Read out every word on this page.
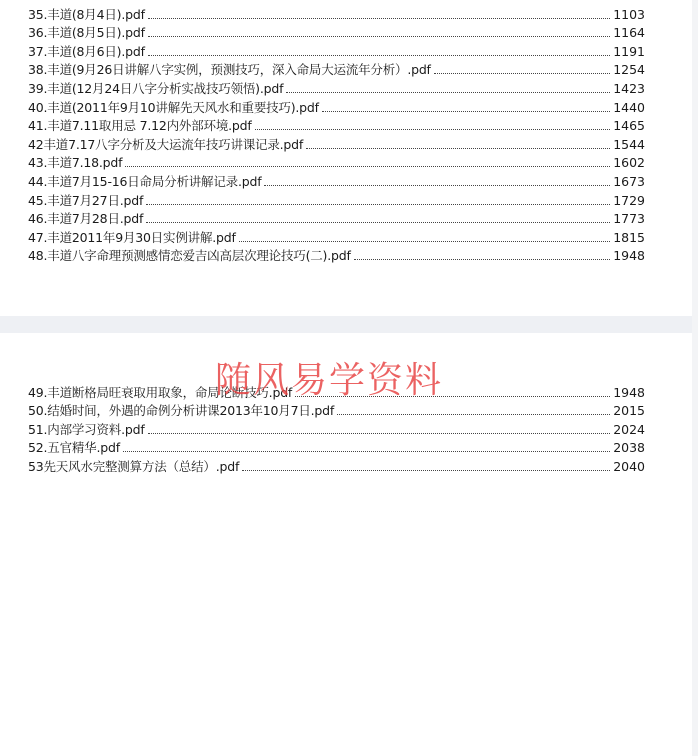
35.丰道(8月4日).pdf	1103
36.丰道(8月5日).pdf	1164
37.丰道(8月6日).pdf	1191
38.丰道(9月26日讲解八字实例，预测技巧，深入命局大运流年分析）.pdf	1254
39.丰道(12月24日八字分析实战技巧领悟).pdf	1423
40.丰道(2011年9月10讲解先天风水和重要技巧).pdf	1440
41.丰道7.11取用忌 7.12内外部环境.pdf	1465
42丰道7.17八字分析及大运流年技巧讲课记录.pdf	1544
43.丰道7.18.pdf	1602
44.丰道7月15-16日命局分析讲解记录.pdf	1673
45.丰道7月27日.pdf	1729
46.丰道7月28日.pdf	1773
47.丰道2011年9月30日实例讲解.pdf	1815
48.丰道八字命理预测感情恋爱吉凶高层次理论技巧(二).pdf	1948
49.丰道断格局旺衰取用取象，命局论断技巧.pdf	1948
50.结婚时间，外遇的命例分析讲课2013年10月7日.pdf	2015
51.内部学习资料.pdf	2024
52.五官精华.pdf	2038
53先天风水完整测算方法（总结）.pdf	2040
随风易学资料
